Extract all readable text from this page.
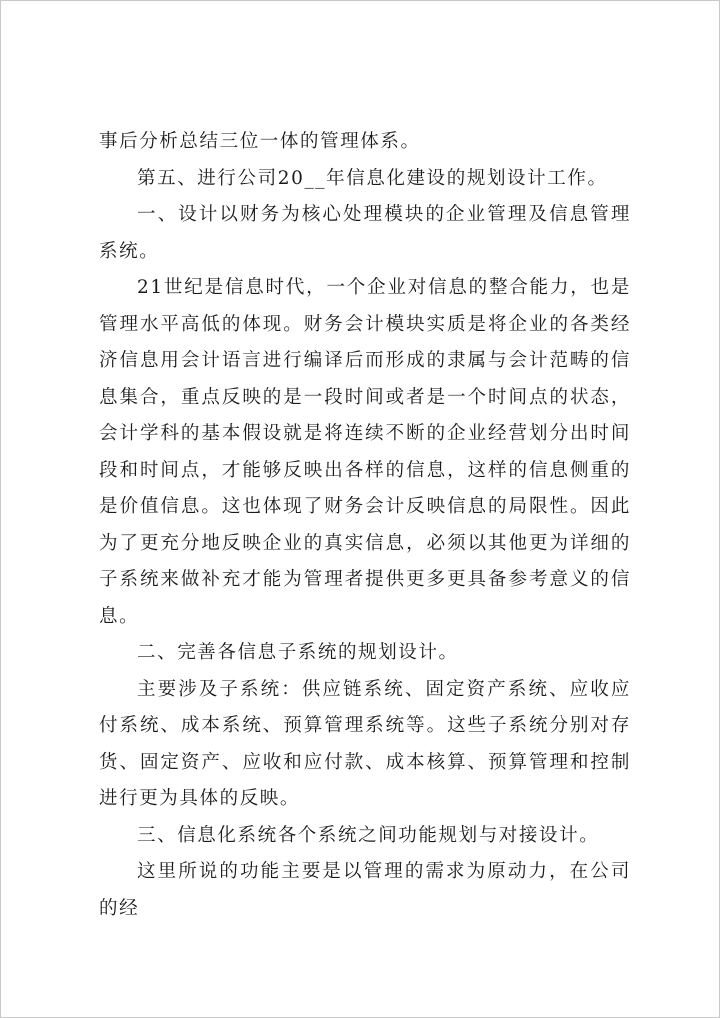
事后分析总结三位一体的管理体系。

第五、进行公司20__年信息化建设的规划设计工作。

一、设计以财务为核心处理模块的企业管理及信息管理系统。

21世纪是信息时代，一个企业对信息的整合能力，也是管理水平高低的体现。财务会计模块实质是将企业的各类经济信息用会计语言进行编译后而形成的隶属与会计范畴的信息集合，重点反映的是一段时间或者是一个时间点的状态，会计学科的基本假设就是将连续不断的企业经营划分出时间段和时间点，才能够反映出各样的信息，这样的信息侧重的是价值信息。这也体现了财务会计反映信息的局限性。因此为了更充分地反映企业的真实信息，必须以其他更为详细的子系统来做补充才能为管理者提供更多更具备参考意义的信息。

二、完善各信息子系统的规划设计。

主要涉及子系统：供应链系统、固定资产系统、应收应付系统、成本系统、预算管理系统等。这些子系统分别对存货、固定资产、应收和应付款、成本核算、预算管理和控制进行更为具体的反映。

三、信息化系统各个系统之间功能规划与对接设计。

这里所说的功能主要是以管理的需求为原动力，在公司的经
